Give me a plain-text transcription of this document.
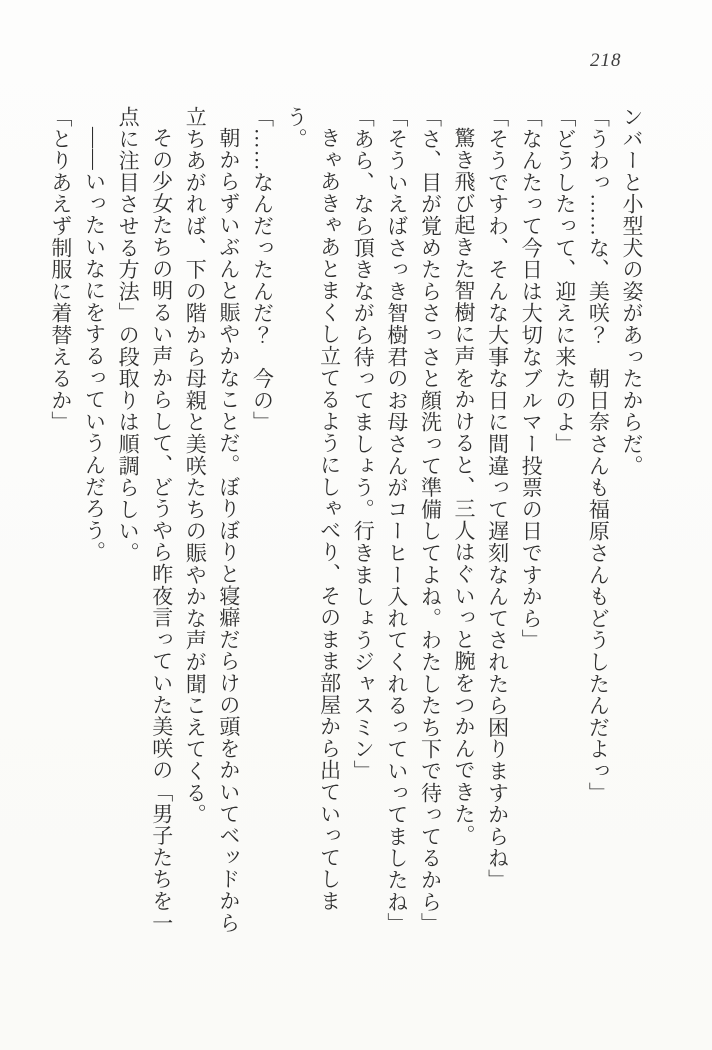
218

ンバーと小型犬の姿があったからだ。

「うわっ……な、美咲？　朝日奈さんも福原さんもどうしたんだよっ」

「どうしたって、迎えに来たのよ」

「なんたって今日は大切なブルマー投票の日ですから」

「そうですわ、そんな大事な日に間違って遅刻なんてされたら困りますからね」

驚き飛び起きた智樹に声をかけると、三人はぐいっと腕をつかんできた。

「さ、目が覚めたらさっさと顔洗って準備してよね。わたしたち下で待ってるから」

「そういえばさっき智樹君のお母さんがコーヒー入れてくれるっていってましたね」

「あら、なら頂きながら待ってましょう。行きましょうジャスミン」

きゃあきゃあとまくし立てるようにしゃべり、そのまま部屋から出ていってしまう。

「……なんだったんだ？　今の」

朝からずいぶんと賑やかなことだ。ぼりぼりと寝癖だらけの頭をかいてベッドから

立ちあがれば、下の階から母親と美咲たちの賑やかな声が聞こえてくる。

その少女たちの明るい声からして、どうやら昨夜言っていた美咲の「男子たちを一

点に注目させる方法」の段取りは順調らしい。

――いったいなにをするっていうんだろう。

「とりあえず制服に着替えるか」
